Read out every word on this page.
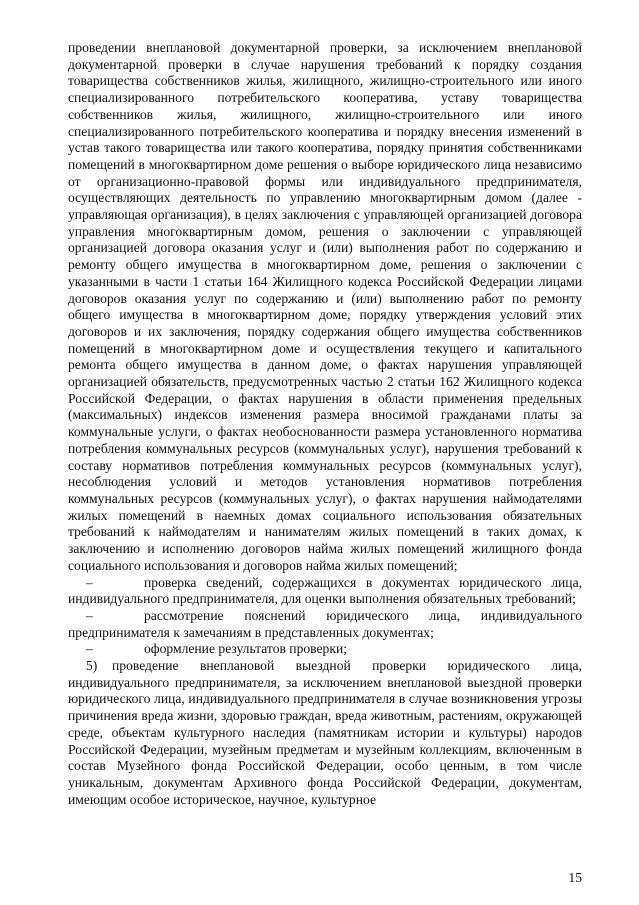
проведении внеплановой документарной проверки, за исключением внеплановой документарной проверки в случае нарушения требований к порядку создания товарищества собственников жилья, жилищного, жилищно-строительного или иного специализированного потребительского кооператива, уставу товарищества собственников жилья, жилищного, жилищно-строительного или иного специализированного потребительского кооператива и порядку внесения изменений в устав такого товарищества или такого кооператива, порядку принятия собственниками помещений в многоквартирном доме решения о выборе юридического лица независимо от организационно-правовой формы или индивидуального предпринимателя, осуществляющих деятельность по управлению многоквартирным домом (далее - управляющая организация), в целях заключения с управляющей организацией договора управления многоквартирным домом, решения о заключении с управляющей организацией договора оказания услуг и (или) выполнения работ по содержанию и ремонту общего имущества в многоквартирном доме, решения о заключении с указанными в части 1 статьи 164 Жилищного кодекса Российской Федерации лицами договоров оказания услуг по содержанию и (или) выполнению работ по ремонту общего имущества в многоквартирном доме, порядку утверждения условий этих договоров и их заключения, порядку содержания общего имущества собственников помещений в многоквартирном доме и осуществления текущего и капитального ремонта общего имущества в данном доме, о фактах нарушения управляющей организацией обязательств, предусмотренных частью 2 статьи 162 Жилищного кодекса Российской Федерации, о фактах нарушения в области применения предельных (максимальных) индексов изменения размера вносимой гражданами платы за коммунальные услуги, о фактах необоснованности размера установленного норматива потребления коммунальных ресурсов (коммунальных услуг), нарушения требований к составу нормативов потребления коммунальных ресурсов (коммунальных услуг), несоблюдения условий и методов установления нормативов потребления коммунальных ресурсов (коммунальных услуг), о фактах нарушения наймодателями жилых помещений в наемных домах социального использования обязательных требований к наймодателям и нанимателям жилых помещений в таких домах, к заключению и исполнению договоров найма жилых помещений жилищного фонда социального использования и договоров найма жилых помещений;

–	проверка сведений, содержащихся в документах юридического лица, индивидуального предпринимателя, для оценки выполнения обязательных требований;

–	рассмотрение пояснений юридического лица, индивидуального предпринимателя к замечаниям в представленных документах;

–	оформление результатов проверки;

5) проведение внеплановой выездной проверки юридического лица, индивидуального предпринимателя, за исключением внеплановой выездной проверки юридического лица, индивидуального предпринимателя в случае возникновения угрозы причинения вреда жизни, здоровью граждан, вреда животным, растениям, окружающей среде, объектам культурного наследия (памятникам истории и культуры) народов Российской Федерации, музейным предметам и музейным коллекциям, включенным в состав Музейного фонда Российской Федерации, особо ценным, в том числе уникальным, документам Архивного фонда Российской Федерации, документам, имеющим особое историческое, научное, культурное

15
